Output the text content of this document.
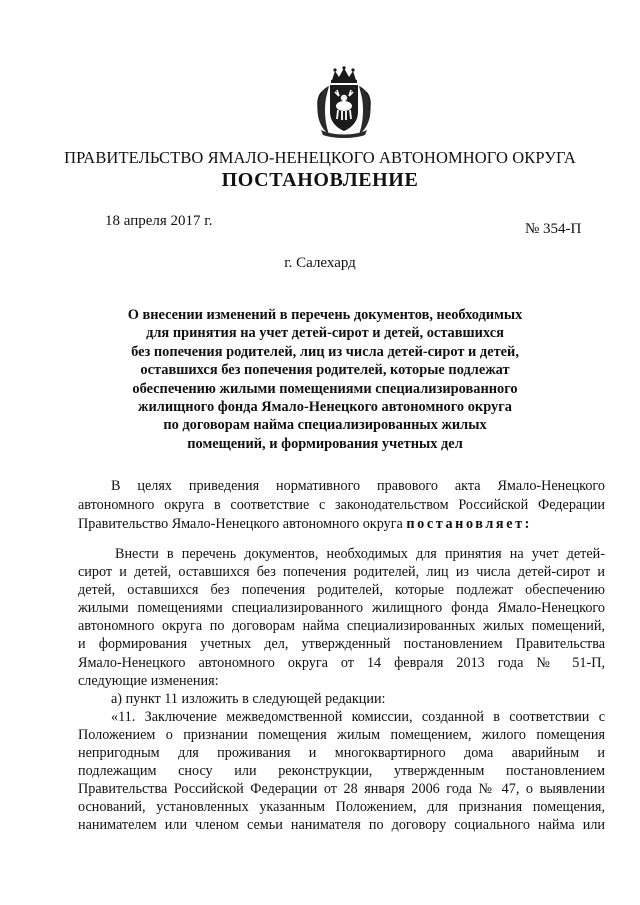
ПРАВИТЕЛЬСТВО ЯМАЛО-НЕНЕЦКОГО АВТОНОМНОГО ОКРУГА
ПОСТАНОВЛЕНИЕ
18 апреля 2017 г.	№ 354-П
г. Салехард
О внесении изменений в перечень документов, необходимых
для принятия на учет детей-сирот и детей, оставшихся
без попечения родителей, лиц из числа детей-сирот и детей,
оставшихся без попечения родителей, которые подлежат
обеспечению жилыми помещениями специализированного
жилищного фонда Ямало-Ненецкого автономного округа
по договорам найма специализированных жилых
помещений, и формирования учетных дел
В целях приведения нормативного правового акта Ямало-Ненецкого
автономного округа в соответствие с законодательством Российской Федерации
Правительство Ямало-Ненецкого автономного округа постановляет:
Внести в перечень документов, необходимых для принятия на учет детей-
сирот и детей, оставшихся без попечения родителей, лиц из числа детей-сирот и
детей, оставшихся без попечения родителей, которые подлежат обеспечению
жилыми помещениями специализированного жилищного фонда Ямало-Ненецкого
автономного округа по договорам найма специализированных жилых помещений,
и формирования учетных дел, утвержденный постановлением Правительства
Ямало-Ненецкого автономного округа от 14 февраля 2013 года № 51-П,
следующие изменения:
а) пункт 11 изложить в следующей редакции:
«11. Заключение межведомственной комиссии, созданной в соответствии с
Положением о признании помещения жилым помещением, жилого помещения
непригодным для проживания и многоквартирного дома аварийным и
подлежащим сносу или реконструкции, утвержденным постановлением
Правительства Российской Федерации от 28 января 2006 года № 47, о выявлении
оснований, установленных указанным Положением, для признания помещения,
нанимателем или членом семьи нанимателя по договору социального найма или
